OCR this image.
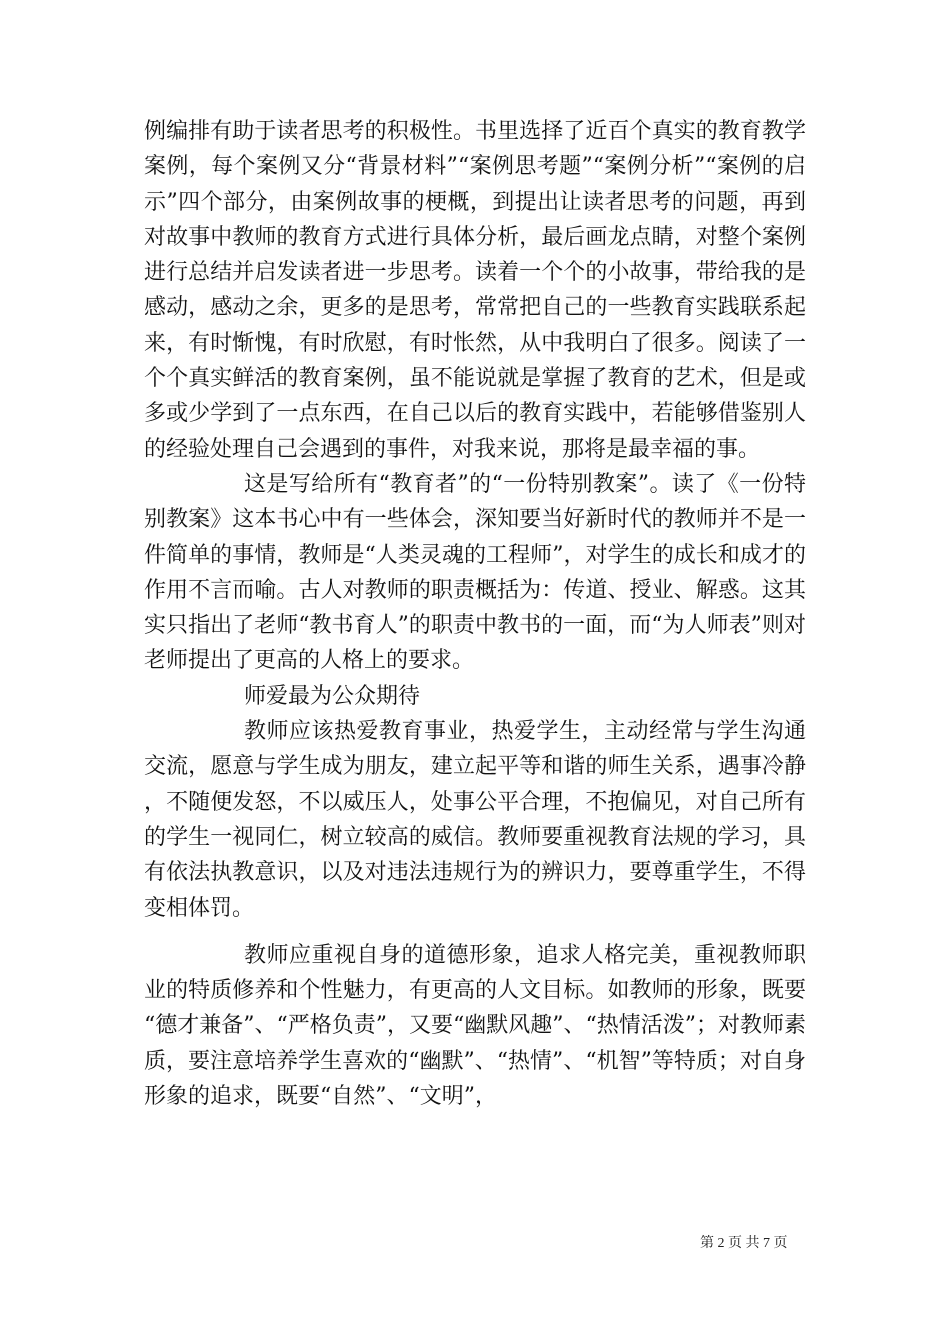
例编排有助于读者思考的积极性。书里选择了近百个真实的教育教学案例，每个案例又分“背景材料”“案例思考题”“案例分析”“案例的启示”四个部分，由案例故事的梗概，到提出让读者思考的问题，再到对故事中教师的教育方式进行具体分析，最后画龙点睛，对整个案例进行总结并启发读者进一步思考。读着一个个的小故事，带给我的是感动，感动之余，更多的是思考，常常把自己的一些教育实践联系起来，有时惭愧，有时欣慰，有时怅然，从中我明白了很多。阅读了一个个真实鲜活的教育案例，虽不能说就是掌握了教育的艺术，但是或多或少学到了一点东西，在自己以后的教育实践中，若能够借鉴别人的经验处理自己会遇到的事件，对我来说，那将是最幸福的事。

这是写给所有“教育者”的“一份特别教案”。读了《一份特别教案》这本书心中有一些体会，深知要当好新时代的教师并不是一件简单的事情，教师是“人类灵魂的工程师”，对学生的成长和成才的作用不言而喻。古人对教师的职责概括为：传道、授业、解惑。这其实只指出了老师“教书育人”的职责中教书的一面，而“为人师表”则对老师提出了更高的人格上的要求。

师爱最为公众期待

教师应该热爱教育事业，热爱学生，主动经常与学生沟通交流，愿意与学生成为朋友，建立起平等和谐的师生关系，遇事冷静，不随便发怒，不以威压人，处事公平合理，不抱偏见，对自己所有的学生一视同仁，树立较高的威信。教师要重视教育法规的学习，具有依法执教意识，以及对违法违规行为的辨识力，要尊重学生，不得变相体罚。

教师应重视自身的道德形象，追求人格完美，重视教师职业的特质修养和个性魅力，有更高的人文目标。如教师的形象，既要“德才兼备”、“严格负责”，又要“幽默风趣”、“热情活泼”；对教师素质，要注意培养学生喜欢的“幽默”、“热情”、“机智”等特质；对自身形象的追求，既要“自然”、“文明”，

第 2 页 共 7 页
